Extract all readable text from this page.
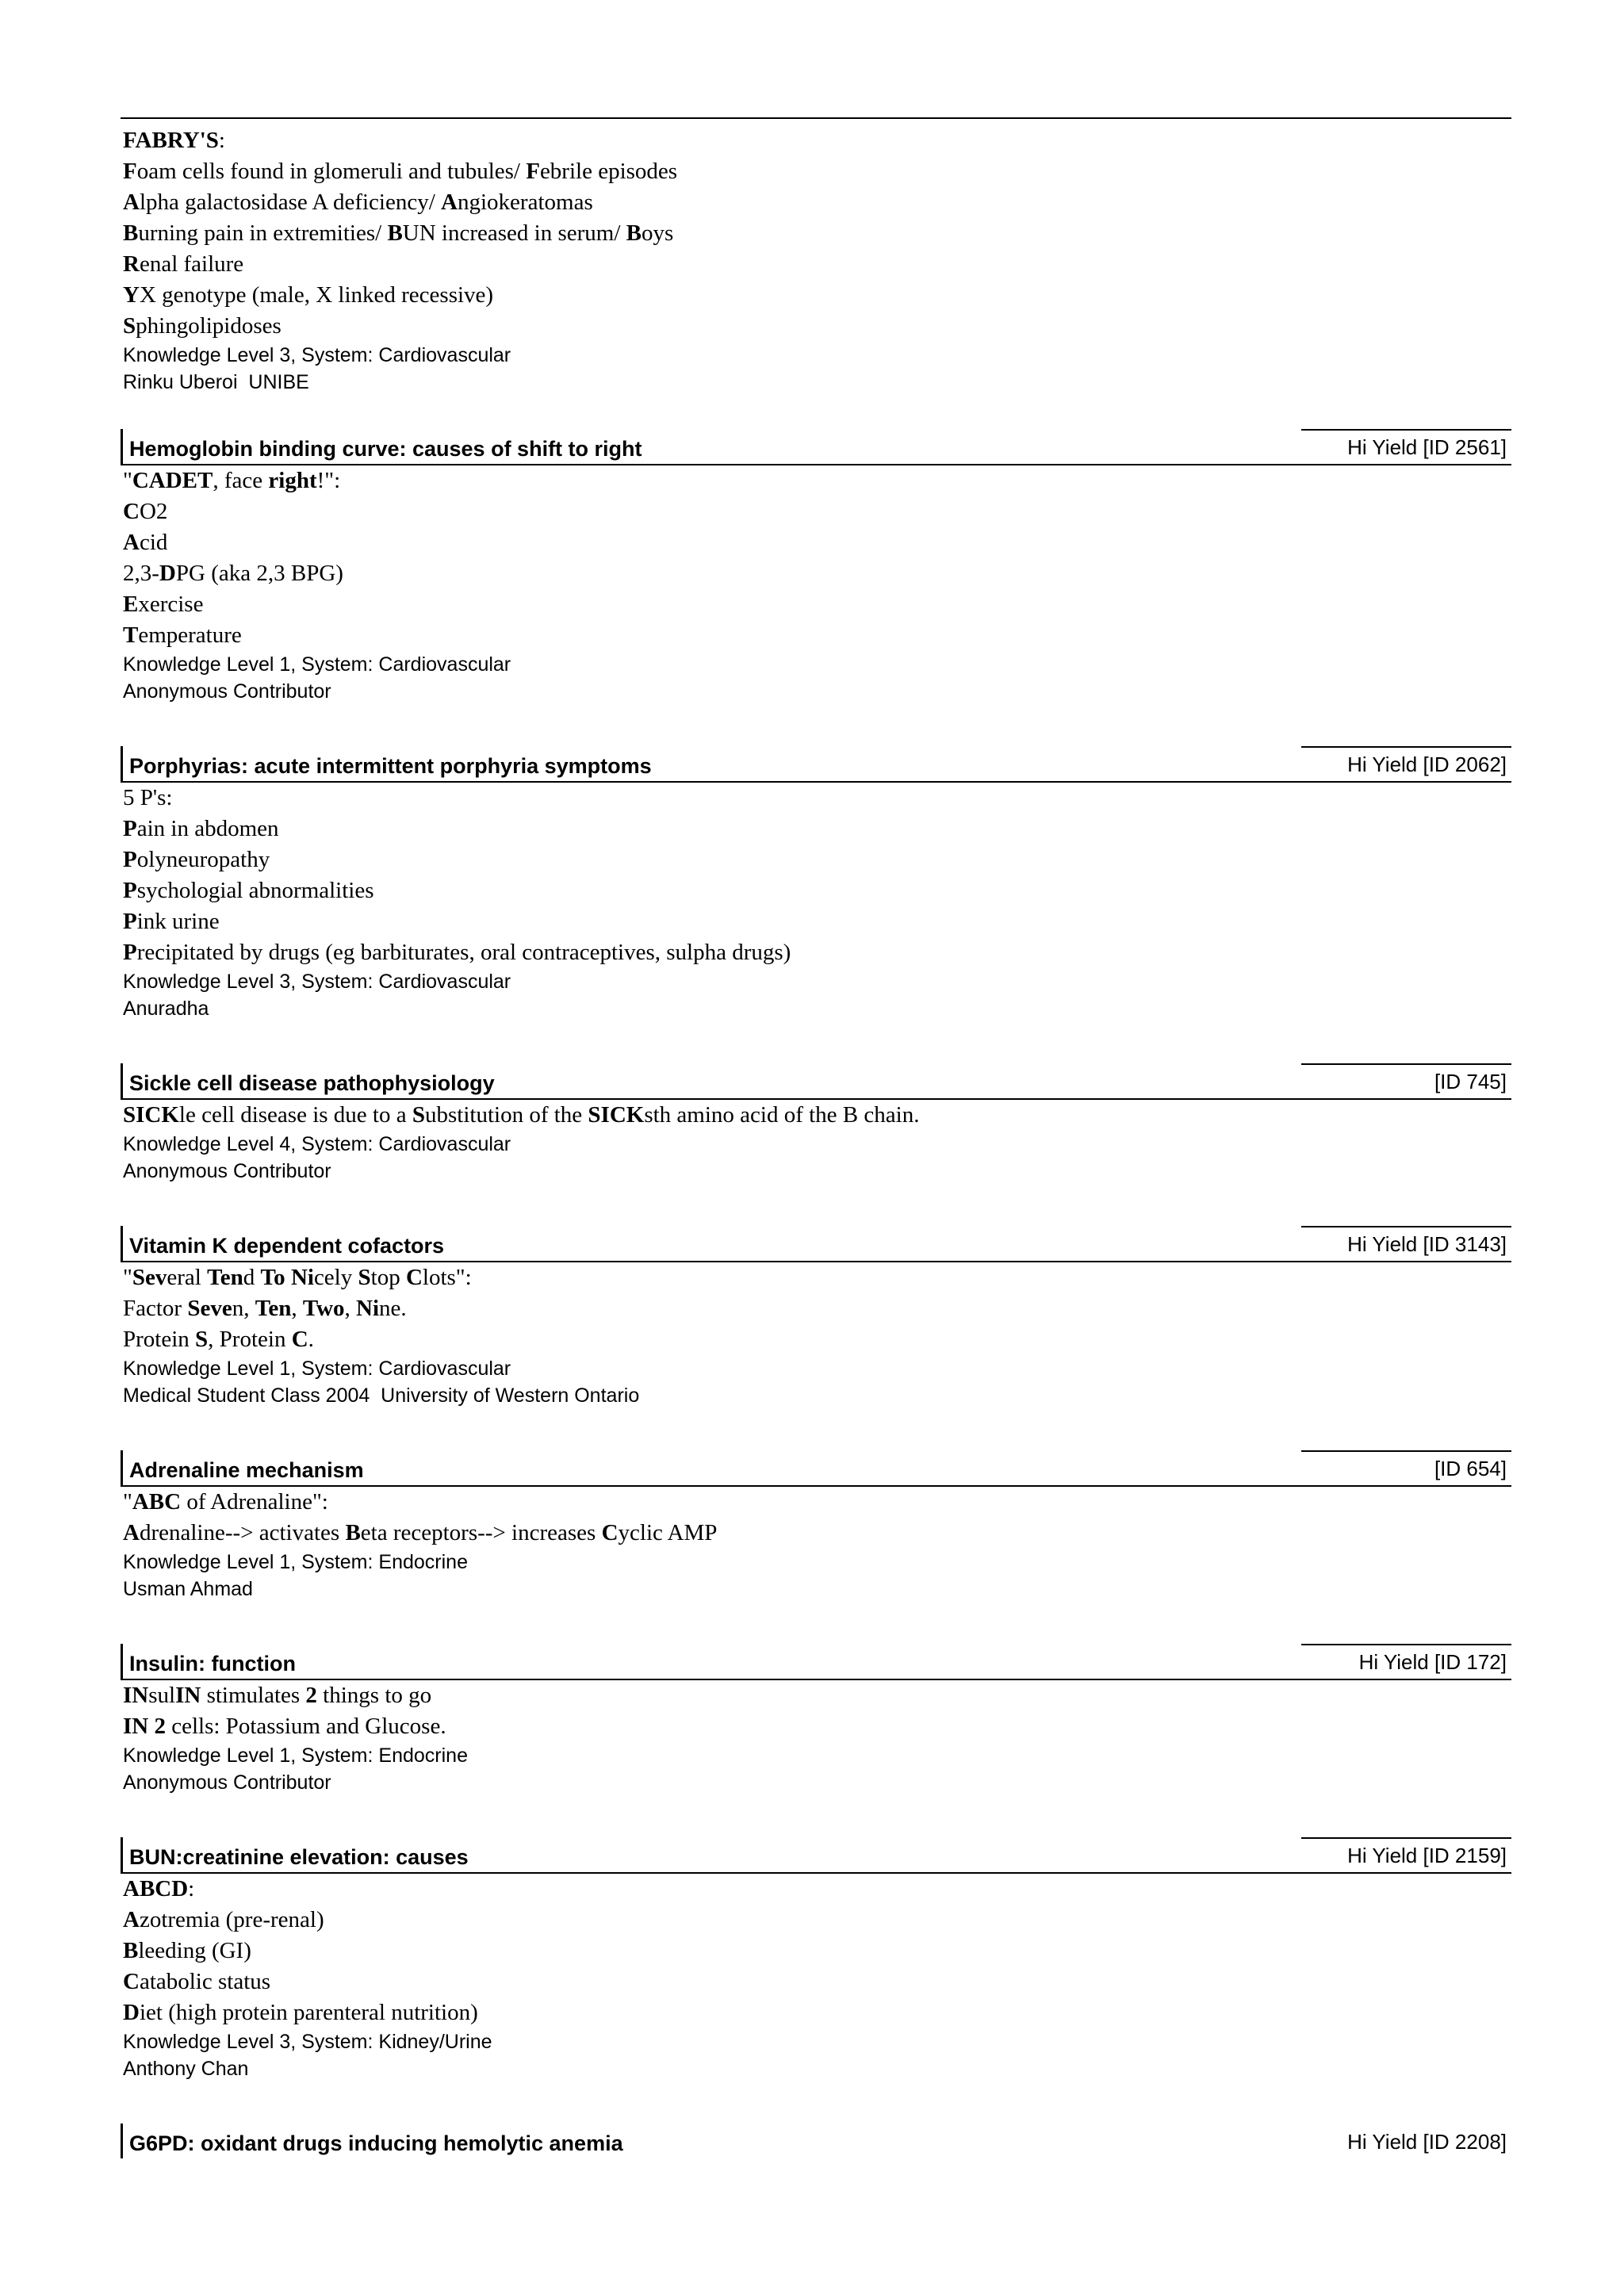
FABRY'S:
Foam cells found in glomeruli and tubules/ Febrile episodes
Alpha galactosidase A deficiency/ Angiokeratomas
Burning pain in extremities/ BUN increased in serum/ Boys
Renal failure
YX genotype (male, X linked recessive)
Sphingolipidoses
Knowledge Level 3, System: Cardiovascular
Rinku Uberoi  UNIBE
Hemoglobin binding curve: causes of shift to right	Hi Yield [ID 2561]
"CADET, face right!":
CO2
Acid
2,3-DPG (aka 2,3 BPG)
Exercise
Temperature
Knowledge Level 1, System: Cardiovascular
Anonymous Contributor
Porphyrias: acute intermittent porphyria symptoms	Hi Yield [ID 2062]
5 P's:
Pain in abdomen
Polyneuropathy
Psychologial abnormalities
Pink urine
Precipitated by drugs (eg barbiturates, oral contraceptives, sulpha drugs)
Knowledge Level 3, System: Cardiovascular
Anuradha
Sickle cell disease pathophysiology	[ID 745]
SICKle cell disease is due to a Substitution of the SICKsth amino acid of the B chain.
Knowledge Level 4, System: Cardiovascular
Anonymous Contributor
Vitamin K dependent cofactors	Hi Yield [ID 3143]
"Several Tend To Nicely Stop Clots":
Factor Seven, Ten, Two, Nine.
Protein S, Protein C.
Knowledge Level 1, System: Cardiovascular
Medical Student Class 2004  University of Western Ontario
Adrenaline mechanism	[ID 654]
"ABC of Adrenaline":
Adrenaline--> activates Beta receptors--> increases Cyclic AMP
Knowledge Level 1, System: Endocrine
Usman Ahmad
Insulin: function	Hi Yield [ID 172]
INsulIN stimulates 2 things to go
IN 2 cells: Potassium and Glucose.
Knowledge Level 1, System: Endocrine
Anonymous Contributor
BUN:creatinine elevation: causes	Hi Yield [ID 2159]
ABCD:
Azotremia (pre-renal)
Bleeding (GI)
Catabolic status
Diet (high protein parenteral nutrition)
Knowledge Level 3, System: Kidney/Urine
Anthony Chan
G6PD: oxidant drugs inducing hemolytic anemia	Hi Yield [ID 2208]
